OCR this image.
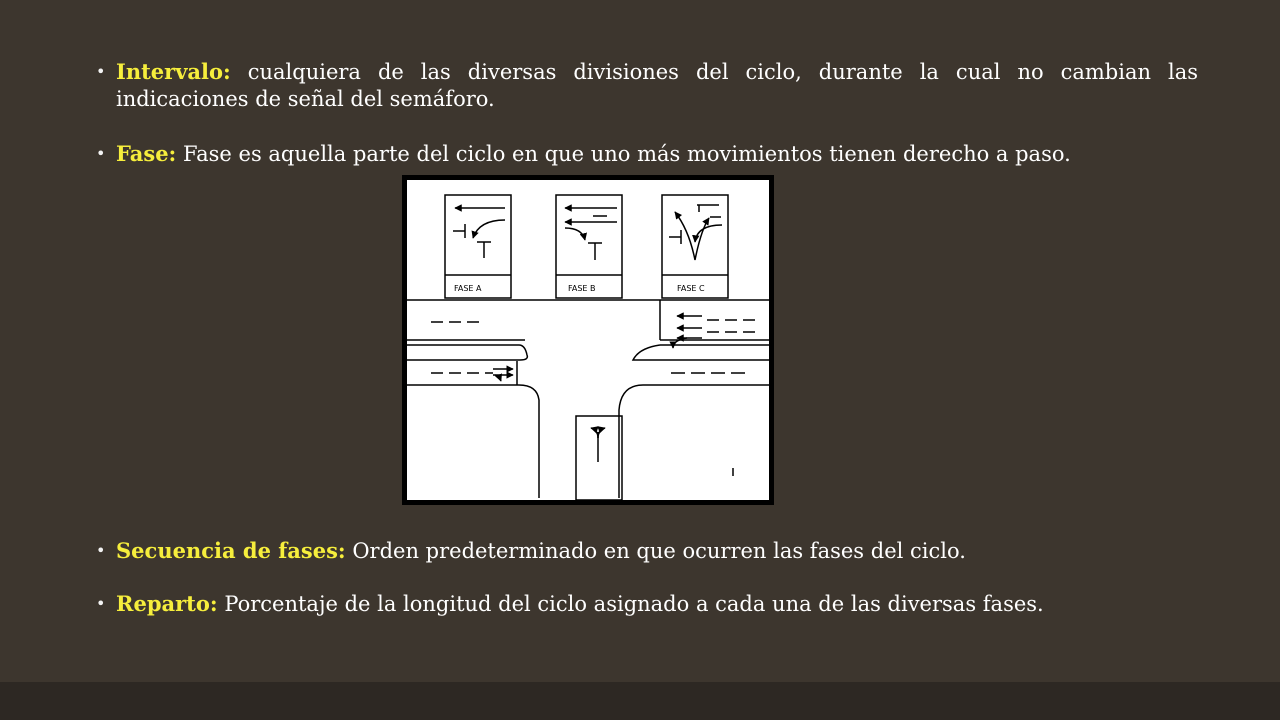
• Intervalo: cualquiera de las diversas divisiones del ciclo, durante la cual no cambian las indicaciones de señal del semáforo.
• Fase: Fase es aquella parte del ciclo en que uno más movimientos tienen derecho a paso.
FASE A	FASE B	FASE C
• Secuencia de fases: Orden predeterminado en que ocurren las fases del ciclo.
• Reparto: Porcentaje de la longitud del ciclo asignado a cada una de las diversas fases.
